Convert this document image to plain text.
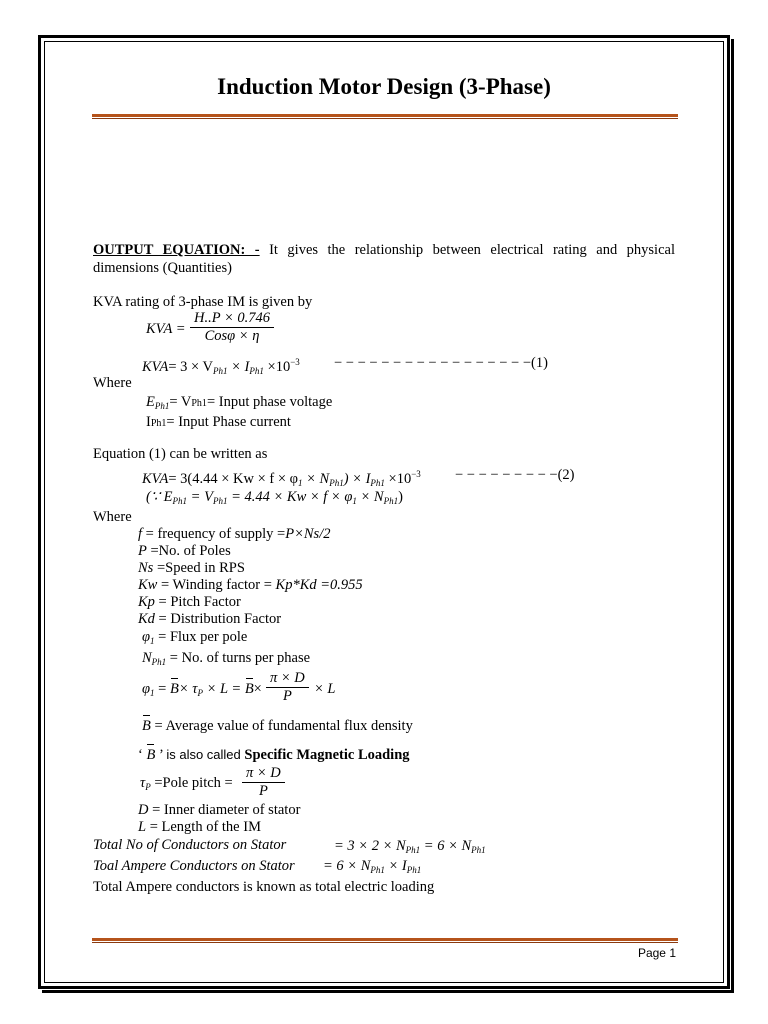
Induction Motor Design (3-Phase)
OUTPUT EQUATION: - It gives the relationship between electrical rating and physical dimensions (Quantities)
KVA rating of 3-phase IM is given by
KVA =
H..P × 0.746
Cosφ × η
$KVA= 3 \times V_{Ph1} \times I_{Ph1} \times 10^{-3}$ − − − − − − − − − − − − − − − − −(1)
Where
$E_{Ph1}= VPh1=$ Input phase voltage
IPh1= Input Phase current
Equation (1) can be written as
$KVA= 3(4.44 \times Kw \times f \times \varphi_1 \times N_{Ph1}) \times I_{Ph1} \times 10^{-3}$ − − − − − − − − −(2)
(∵ $E_{Ph1} = V_{Ph1} = 4.44 \times Kw \times f \times \varphi_1 \times N_{Ph1}$)
Where
f = frequency of supply =P×Ns/2
P =No. of Poles
Ns =Speed in RPS
Kw = Winding factor = Kp*Kd =0.955
Kp = Pitch Factor
Kd = Distribution Factor
$\varphi_1$ = Flux per pole
$N_{Ph1} = No$. of turns per phase
$\varphi_1 = B\times \tau_P \times L = B\times \frac{\pi \times D}{P} \times L$
B = Average value of fundamental flux density
‘ B ’ is also called Specific Magnetic Loading
$\tau_P$ =Pole pitch = $\frac{\pi \times D}{P}$
D = Inner diameter of stator
L = Length of the IM
Total No of Conductors on Stator	= $3 \times 2 \times N_{Ph1} = 6 \times N_{Ph1}$
Toal Ampere Conductors on Stator = $6 \times N_{Ph1} \times I_{Ph1}$
Total Ampere conductors is known as total electric loading
Page 1
